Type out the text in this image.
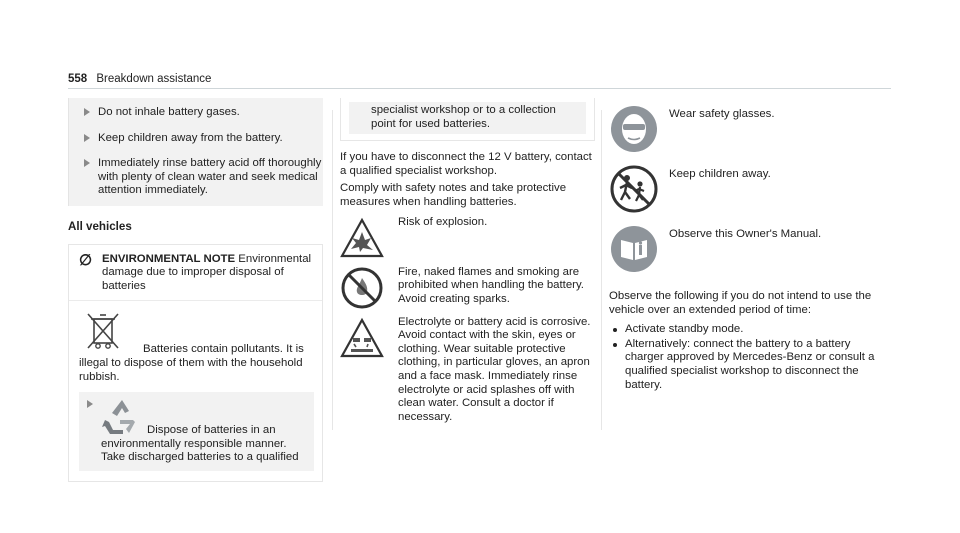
558 Breakdown assistance
Do not inhale battery gases.
Keep children away from the battery.
Immediately rinse battery acid off thoroughly with plenty of clean water and seek medical attention immediately.
All vehicles
∅ ENVIRONMENTAL NOTE Environmental damage due to improper disposal of batteries

Batteries contain pollutants. It is illegal to dispose of them with the household rubbish.

Dispose of batteries in an environmentally responsible manner. Take discharged batteries to a qualified
specialist workshop or to a collection point for used batteries.

If you have to disconnect the 12 V battery, contact a qualified specialist workshop.

Comply with safety notes and take protective measures when handling batteries.

Risk of explosion.
Fire, naked flames and smoking are prohibited when handling the battery. Avoid creating sparks.
Electrolyte or battery acid is corrosive. Avoid contact with the skin, eyes or clothing. Wear suitable protective clothing, in particular gloves, an apron and a face mask. Immediately rinse electrolyte or acid splashes off with clean water. Consult a doctor if necessary.
Wear safety glasses.
Keep children away.
Observe this Owner's Manual.

Observe the following if you do not intend to use the vehicle over an extended period of time:

Activate standby mode.
Alternatively: connect the battery to a battery charger approved by Mercedes-Benz or consult a qualified specialist workshop to disconnect the battery.
